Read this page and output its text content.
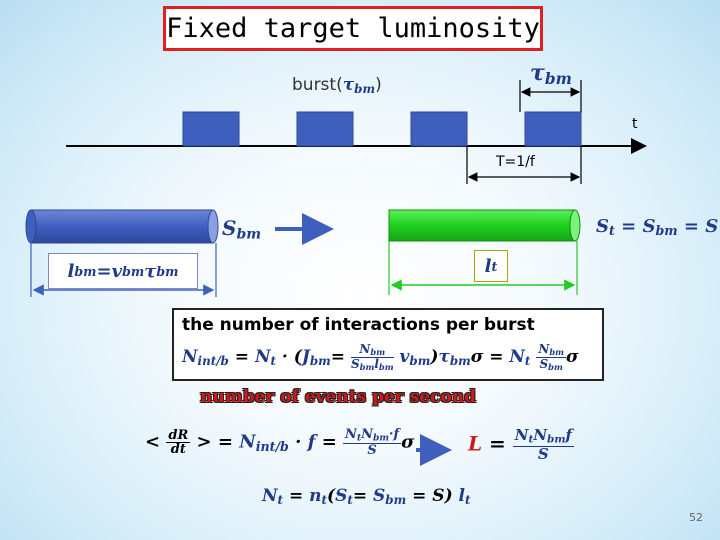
Fixed target luminosity
burst(τbm)	τbm
t
T=1/f
Sbm
l bm = v bm τ bm
St = Sbm = S
l t
the number of interactions per burst
Nint/b = $Nt \cdot (Jbm= \frac{\text{Nbm}}{\text{Sbmlbm}} vbm)\tau bm\sigma = Nt \frac{\text{Nbm}}{\text{Sbm}}$ σ
number of events per second
< $\frac{dR}{dt}$ > = Nint/b · $f = \frac{\text{NtNbm·f}}{S}$ σ	$L = \frac{\text{NtNbmf}}{S}$
Nt = nt(St= Sbm = S) lt
52
